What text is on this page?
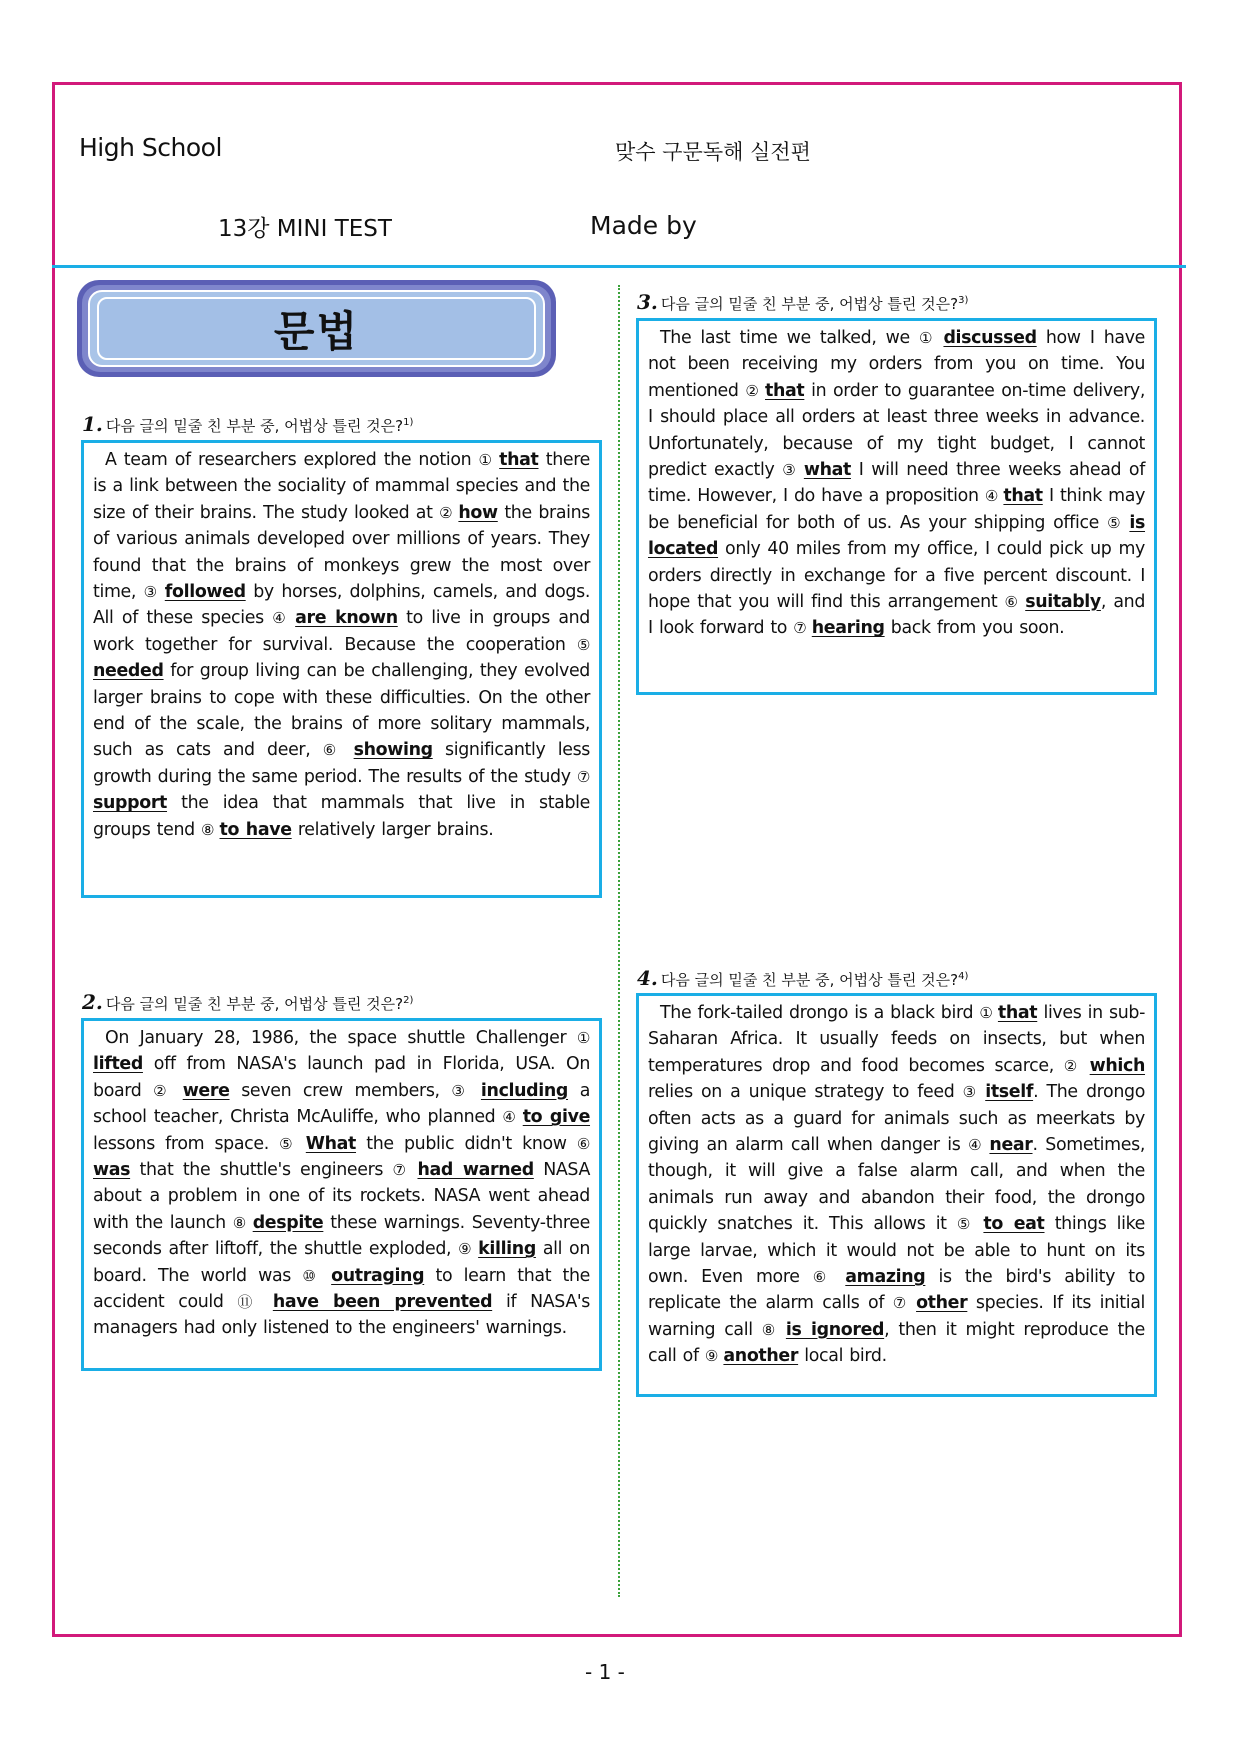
High School	맞수 구문독해 실전편
13강 MINI TEST	Made by
문법
1. 다음 글의 밑줄 친 부분 중, 어법상 틀린 것은?$^{1)}$

A team of researchers explored the notion ① that there is a link between the sociality of mammal species and the size of their brains. The study looked at ② how the brains of various animals developed over millions of years. They found that the brains of monkeys grew the most over time, ③ followed by horses, dolphins, camels, and dogs. All of these species ④ are known to live in groups and work together for survival. Because the cooperation ⑤ needed for group living can be challenging, they evolved larger brains to cope with these difficulties. On the other end of the scale, the brains of more solitary mammals, such as cats and deer, ⑥ showing significantly less growth during the same period. The results of the study ⑦ support the idea that mammals that live in stable groups tend ⑧ to have relatively larger brains.

2. 다음 글의 밑줄 친 부분 중, 어법상 틀린 것은?$^{2)}$

On January 28, 1986, the space shuttle Challenger ① lifted off from NASA's launch pad in Florida, USA. On board ② were seven crew members, ③ including a school teacher, Christa McAuliffe, who planned ④ to give lessons from space. ⑤ What the public didn't know ⑥ was that the shuttle's engineers ⑦ had warned NASA about a problem in one of its rockets. NASA went ahead with the launch ⑧ despite these warnings. Seventy-three seconds after liftoff, the shuttle exploded, ⑨ killing all on board. The world was ⑩ outraging to learn that the accident could ⑪ have been prevented if NASA's managers had only listened to the engineers' warnings.

3. 다음 글의 밑줄 친 부분 중, 어법상 틀린 것은?$^{3)}$

The last time we talked, we ① discussed how I have not been receiving my orders from you on time. You mentioned ② that in order to guarantee on-time delivery, I should place all orders at least three weeks in advance. Unfortunately, because of my tight budget, I cannot predict exactly ③ what I will need three weeks ahead of time. However, I do have a proposition ④ that I think may be beneficial for both of us. As your shipping office ⑤ is located only 40 miles from my office, I could pick up my orders directly in exchange for a five percent discount. I hope that you will find this arrangement ⑥ suitably, and I look forward to ⑦ hearing back from you soon.

4. 다음 글의 밑줄 친 부분 중, 어법상 틀린 것은?$^{4)}$

The fork-tailed drongo is a black bird ① that lives in sub-Saharan Africa. It usually feeds on insects, but when temperatures drop and food becomes scarce, ② which relies on a unique strategy to feed ③ itself. The drongo often acts as a guard for animals such as meerkats by giving an alarm call when danger is ④ near. Sometimes, though, it will give a false alarm call, and when the animals run away and abandon their food, the drongo quickly snatches it. This allows it ⑤ to eat things like large larvae, which it would not be able to hunt on its own. Even more ⑥ amazing is the bird's ability to replicate the alarm calls of ⑦ other species. If its initial warning call ⑧ is ignored, then it might reproduce the call of ⑨ another local bird.

- 1 -
